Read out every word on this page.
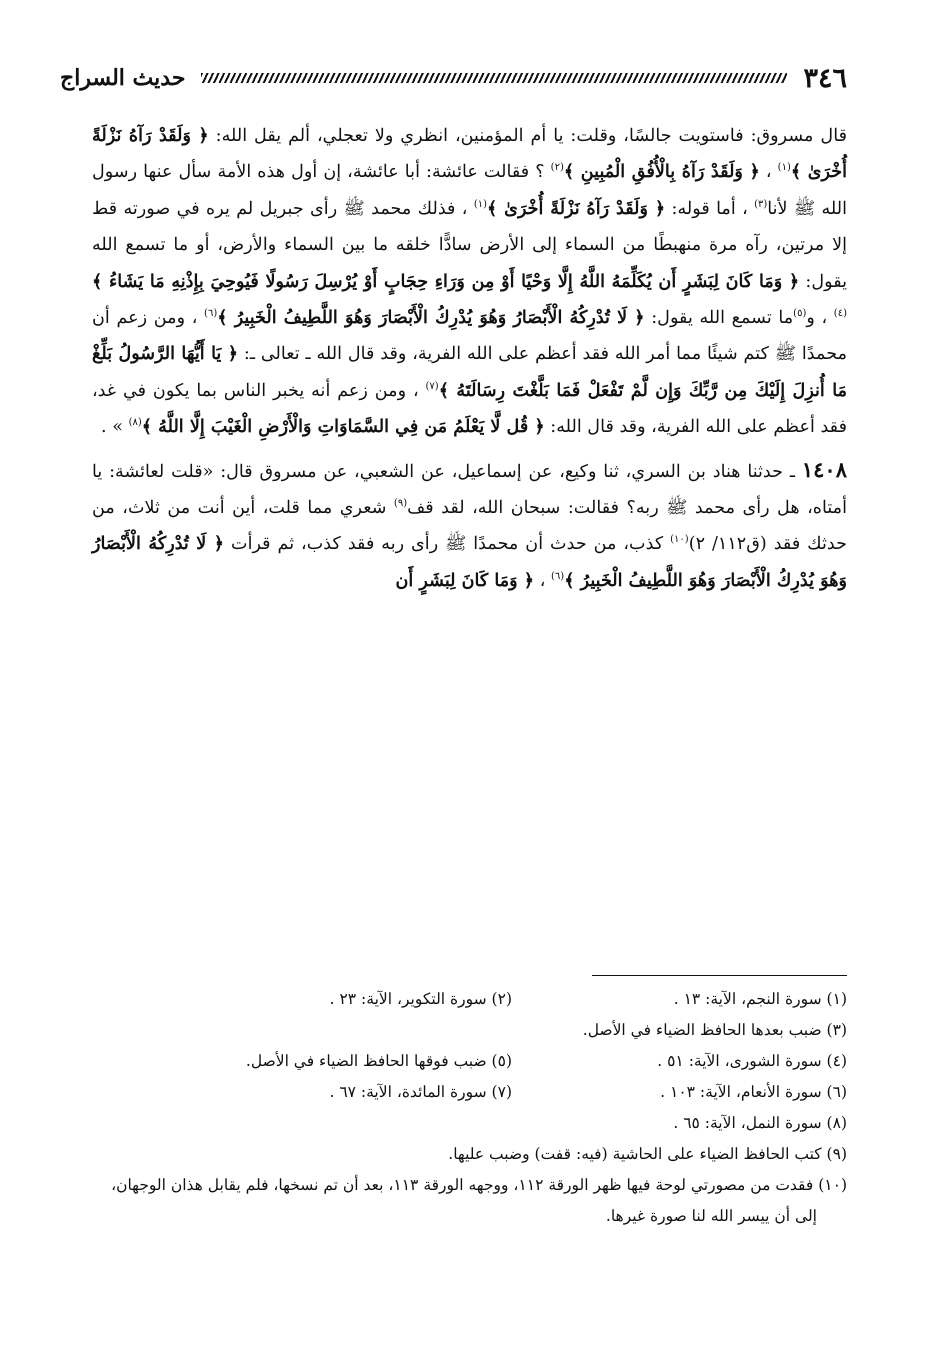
٣٤٦
حديث السراج

قال مسروق: فاستويت جالسًا، وقلت: يا أم المؤمنين، انظري ولا تعجلي، ألم يقل الله: ﴿ وَلَقَدْ رَآهُ نَزْلَةً أُخْرَىٰ ﴾$^{(١)}$ ، ﴿ وَلَقَدْ رَآهُ بِالْأُفُقِ الْمُبِينِ ﴾$^{(٢)}$ ؟ فقالت عائشة: أبا عائشة، إن أول هذه الأمة سأل عنها رسول الله ﷺ لأنا$^{(٣)}$ ، أما قوله: ﴿ وَلَقَدْ رَآهُ نَزْلَةً أُخْرَىٰ ﴾$^{(١)}$ ، فذلك محمد ﷺ رأى جبريل لم يره في صورته قط إلا مرتين، رآه مرة منهبطًا من السماء إلى الأرض سادًّا خلقه ما بين السماء والأرض، أو ما تسمع الله يقول: ﴿ وَمَا كَانَ لِبَشَرٍ أَن يُكَلِّمَهُ اللَّهُ إِلَّا وَحْيًا أَوْ مِن وَرَاءِ حِجَابٍ أَوْ يُرْسِلَ رَسُولًا فَيُوحِيَ بِإِذْنِهِ مَا يَشَاءُ ﴾$^{(٤)}$ ، و$^{(٥)}$ما تسمع الله يقول: ﴿ لَا تُدْرِكُهُ الْأَبْصَارُ وَهُوَ يُدْرِكُ الْأَبْصَارَ وَهُوَ اللَّطِيفُ الْخَبِيرُ ﴾$^{(٦)}$ ، ومن زعم أن محمدًا ﷺ كتم شيئًا مما أمر الله فقد أعظم على الله الفرية، وقد قال الله ـ تعالى ـ: ﴿ يَا أَيُّهَا الرَّسُولُ بَلِّغْ مَا أُنزِلَ إِلَيْكَ مِن رَّبِّكَ وَإِن لَّمْ تَفْعَلْ فَمَا بَلَّغْتَ رِسَالَتَهُ ﴾$^{(٧)}$ ، ومن زعم أنه يخبر الناس بما يكون في غد، فقد أعظم على الله الفرية، وقد قال الله: ﴿ قُل لَّا يَعْلَمُ مَن فِي السَّمَاوَاتِ وَالْأَرْضِ الْغَيْبَ إِلَّا اللَّهُ ﴾$^{(٨)}$ » .

١٤٠٨ ـ حدثنا هناد بن السري، ثنا وكيع، عن إسماعيل، عن الشعبي، عن مسروق قال: «قلت لعائشة: يا أمتاه، هل رأى محمد ﷺ ربه؟ فقالت: سبحان الله، لقد قف$^{(٩)}$ شعري مما قلت، أين أنت من ثلاث، من حدثك فقد (ق١١٢/ ٢)$^{(١٠)}$ كذب، من حدث أن محمدًا ﷺ رأى ربه فقد كذب، ثم قرأت ﴿ لَا تُدْرِكُهُ الْأَبْصَارُ وَهُوَ يُدْرِكُ الْأَبْصَارَ وَهُوَ اللَّطِيفُ الْخَبِيرُ ﴾$^{(٦)}$ ، ﴿ وَمَا كَانَ لِبَشَرٍ أَن

(١) سورة النجم، الآية: ١٣ .
(٢) سورة التكوير، الآية: ٢٣ .
(٣) ضبب بعدها الحافظ الضياء في الأصل.
(٤) سورة الشورى، الآية: ٥١ .
(٥) ضبب فوقها الحافظ الضياء في الأصل.
(٦) سورة الأنعام، الآية: ١٠٣ .
(٧) سورة المائدة، الآية: ٦٧ .
(٨) سورة النمل، الآية: ٦٥ .
(٩) كتب الحافظ الضياء على الحاشية (فيه: قفت) وضبب عليها.
(١٠) فقدت من مصورتي لوحة فيها ظهر الورقة ١١٢، ووجهه الورقة ١١٣، بعد أن تم نسخها، فلم يقابل هذان الوجهان، إلى أن ييسر الله لنا صورة غيرها.
